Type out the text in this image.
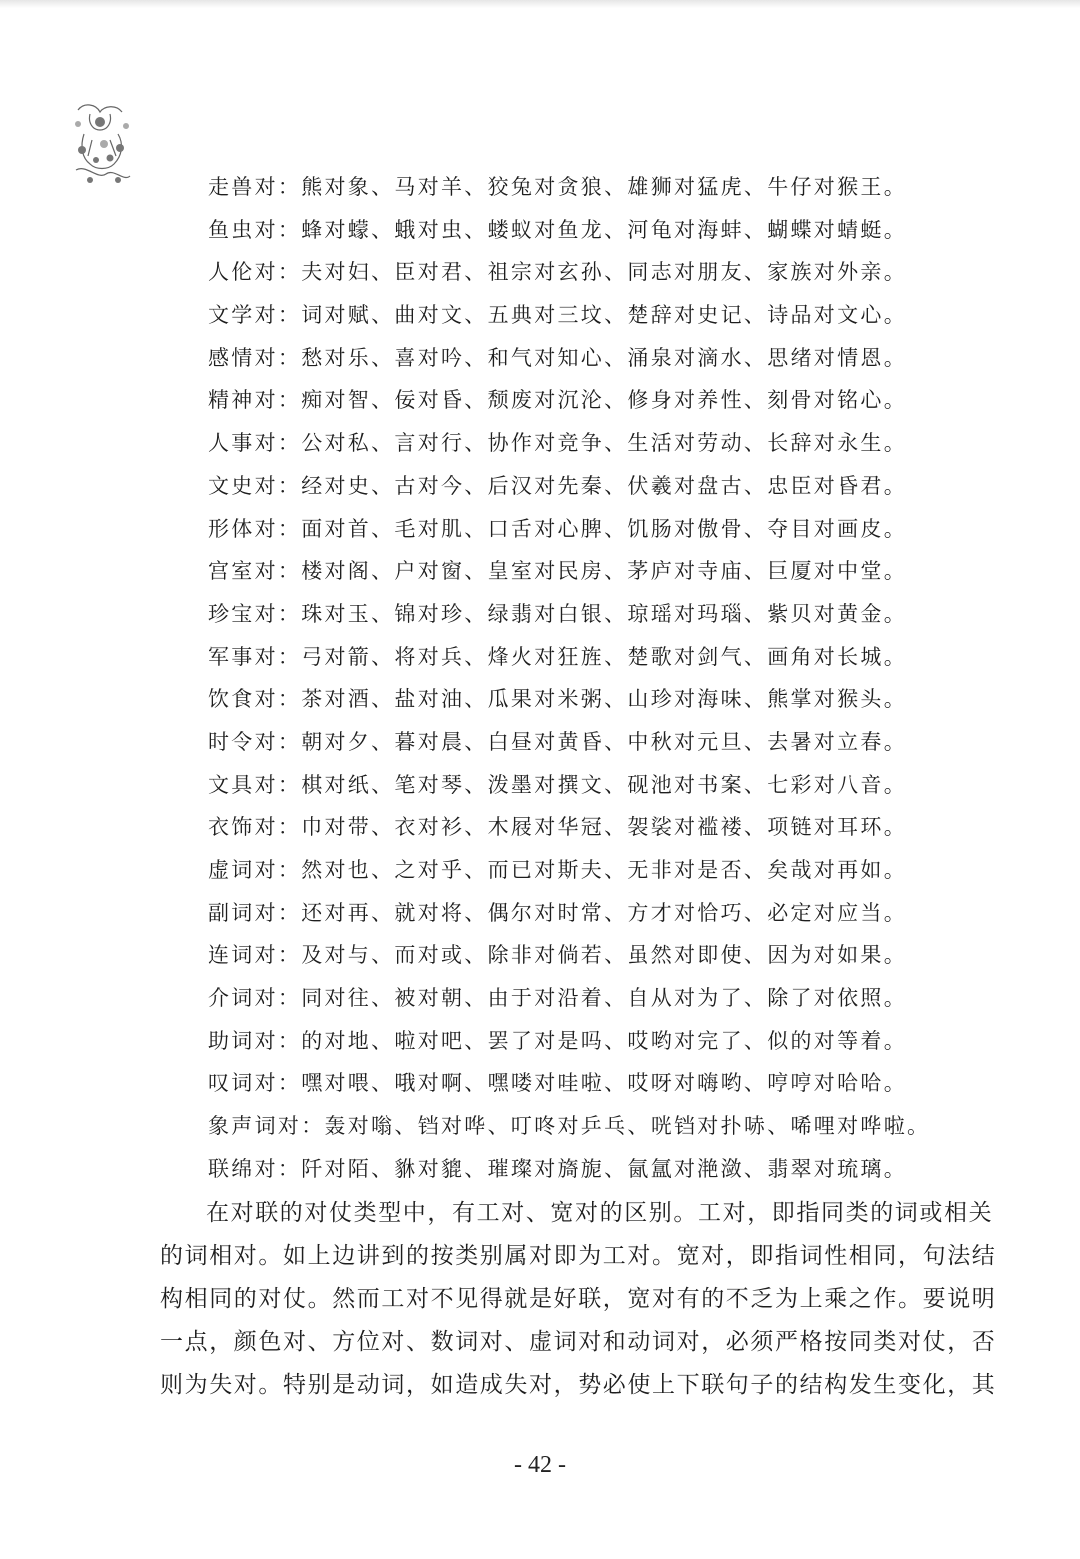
走兽对：熊对象、马对羊、狡兔对贪狼、雄狮对猛虎、牛仔对猴王。
鱼虫对：蜂对蠓、蛾对虫、蝼蚁对鱼龙、河龟对海蚌、蝴蝶对蜻蜓。
人伦对：夫对妇、臣对君、祖宗对玄孙、同志对朋友、家族对外亲。
文学对：词对赋、曲对文、五典对三坟、楚辞对史记、诗品对文心。
感情对：愁对乐、喜对吟、和气对知心、涌泉对滴水、思绪对情恩。
精神对：痴对智、佞对昏、颓废对沉沦、修身对养性、刻骨对铭心。
人事对：公对私、言对行、协作对竞争、生活对劳动、长辞对永生。
文史对：经对史、古对今、后汉对先秦、伏羲对盘古、忠臣对昏君。
形体对：面对首、毛对肌、口舌对心脾、饥肠对傲骨、夺目对画皮。
宫室对：楼对阁、户对窗、皇室对民房、茅庐对寺庙、巨厦对中堂。
珍宝对：珠对玉、锦对珍、绿翡对白银、琼瑶对玛瑙、紫贝对黄金。
军事对：弓对箭、将对兵、烽火对狂旌、楚歌对剑气、画角对长城。
饮食对：茶对酒、盐对油、瓜果对米粥、山珍对海味、熊掌对猴头。
时令对：朝对夕、暮对晨、白昼对黄昏、中秋对元旦、去暑对立春。
文具对：棋对纸、笔对琴、泼墨对撰文、砚池对书案、七彩对八音。
衣饰对：巾对带、衣对衫、木屐对华冠、袈裟对褴褛、项链对耳环。
虚词对：然对也、之对乎、而已对斯夫、无非对是否、矣哉对再如。
副词对：还对再、就对将、偶尔对时常、方才对恰巧、必定对应当。
连词对：及对与、而对或、除非对倘若、虽然对即使、因为对如果。
介词对：同对往、被对朝、由于对沿着、自从对为了、除了对依照。
助词对：的对地、啦对吧、罢了对是吗、哎哟对完了、似的对等着。
叹词对：嘿对喂、哦对啊、嘿喽对哇啦、哎呀对嗨哟、哼哼对哈哈。
象声词对：轰对嗡、铛对哗、叮咚对乒乓、咣铛对扑哧、唏哩对哗啦。
联绵对：阡对陌、貅对貔、璀璨对旖旎、氤氲对滟潋、翡翠对琉璃。
在对联的对仗类型中，有工对、宽对的区别。工对，即指同类的词或相关
的词相对。如上边讲到的按类别属对即为工对。宽对，即指词性相同，句法结
构相同的对仗。然而工对不见得就是好联，宽对有的不乏为上乘之作。要说明
一点，颜色对、方位对、数词对、虚词对和动词对，必须严格按同类对仗，否
则为失对。特别是动词，如造成失对，势必使上下联句子的结构发生变化，其
- 42 -
